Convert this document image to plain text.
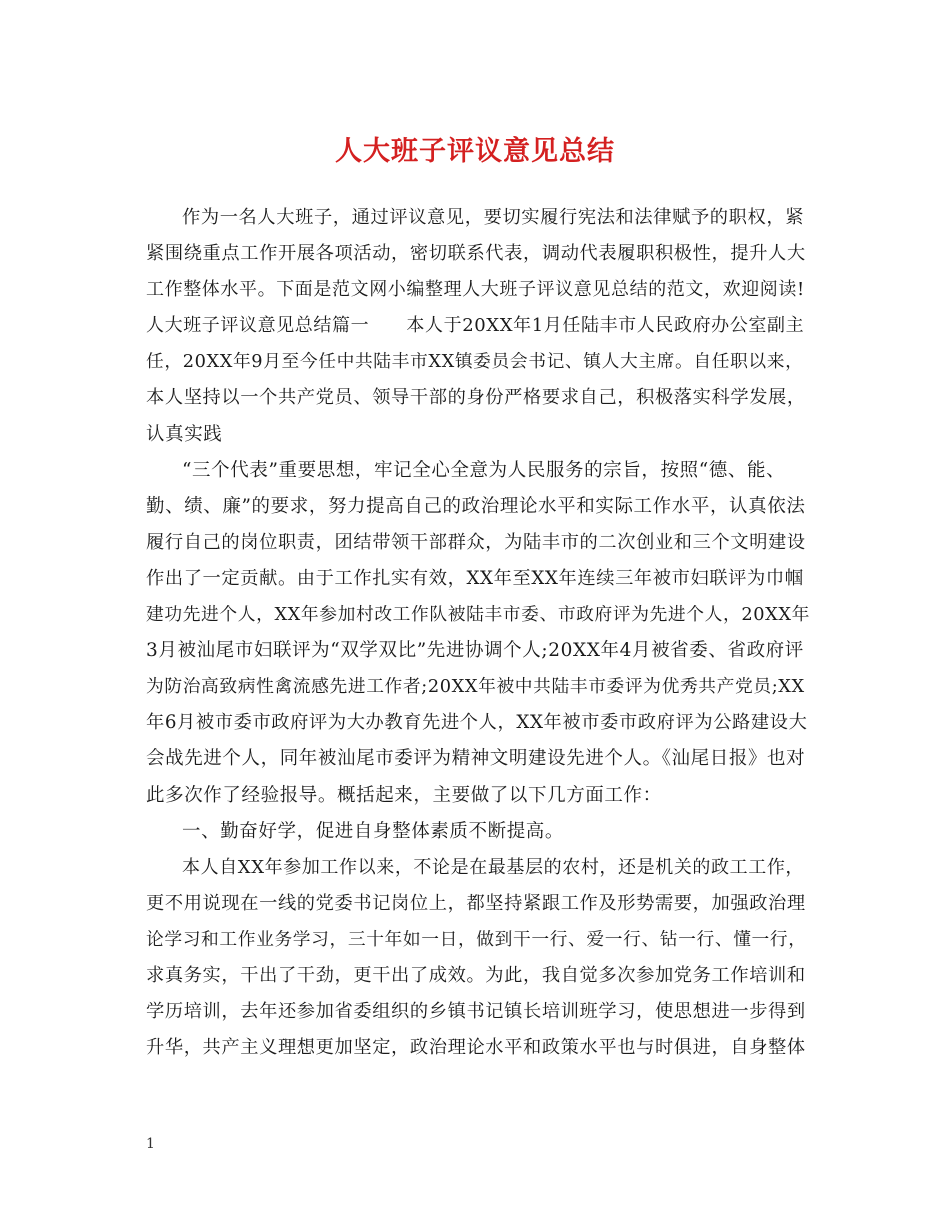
人大班子评议意见总结
作为一名人大班子，通过评议意见，要切实履行宪法和法律赋予的职权，紧
紧围绕重点工作开展各项活动，密切联系代表，调动代表履职积极性，提升人大
工作整体水平。下面是范文网小编整理人大班子评议意见总结的范文，欢迎阅读!
人大班子评议意见总结篇一　　本人于20XX年1月任陆丰市人民政府办公室副主
任，20XX年9月至今任中共陆丰市XX镇委员会书记、镇人大主席。自任职以来，
本人坚持以一个共产党员、领导干部的身份严格要求自己，积极落实科学发展，
认真实践
“三个代表”重要思想，牢记全心全意为人民服务的宗旨，按照“德、能、
勤、绩、廉”的要求，努力提高自己的政治理论水平和实际工作水平，认真依法
履行自己的岗位职责，团结带领干部群众，为陆丰市的二次创业和三个文明建设
作出了一定贡献。由于工作扎实有效，XX年至XX年连续三年被市妇联评为巾帼
建功先进个人，XX年参加村改工作队被陆丰市委、市政府评为先进个人，20XX年
3月被汕尾市妇联评为“双学双比”先进协调个人;20XX年4月被省委、省政府评
为防治高致病性禽流感先进工作者;20XX年被中共陆丰市委评为优秀共产党员;XX
年6月被市委市政府评为大办教育先进个人，XX年被市委市政府评为公路建设大
会战先进个人，同年被汕尾市委评为精神文明建设先进个人。《汕尾日报》也对
此多次作了经验报导。概括起来，主要做了以下几方面工作：
一、勤奋好学，促进自身整体素质不断提高。
本人自XX年参加工作以来，不论是在最基层的农村，还是机关的政工工作，
更不用说现在一线的党委书记岗位上，都坚持紧跟工作及形势需要，加强政治理
论学习和工作业务学习，三十年如一日，做到干一行、爱一行、钻一行、懂一行，
求真务实，干出了干劲，更干出了成效。为此，我自觉多次参加党务工作培训和
学历培训，去年还参加省委组织的乡镇书记镇长培训班学习，使思想进一步得到
升华，共产主义理想更加坚定，政治理论水平和政策水平也与时俱进，自身整体
1
